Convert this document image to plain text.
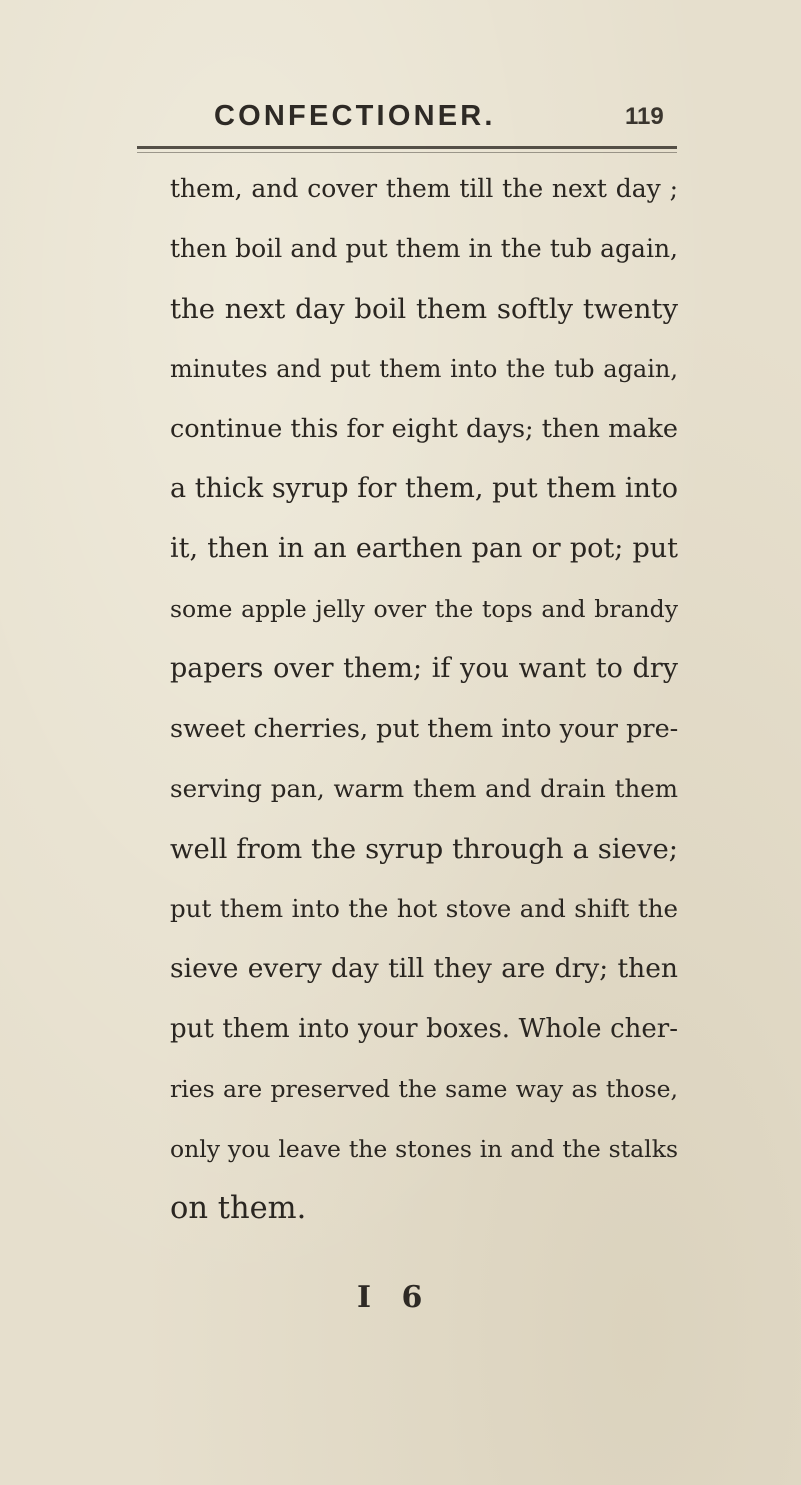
CONFECTIONER.	119
them, and cover them till the next day ;
then boil and put them in the tub again,
the next day boil them softly twenty
minutes and put them into the tub again,
continue this for eight days; then make
a thick syrup for them, put them into
it, then in an earthen pan or pot; put
some apple jelly over the tops and brandy
papers over them; if you want to dry
sweet cherries, put them into your pre-
serving pan, warm them and drain them
well from the syrup through a sieve;
put them into the hot stove and shift the
sieve every day till they are dry; then
put them into your boxes. Whole cher-
ries are preserved the same way as those,
only you leave the stones in and the stalks
on them.
I 6
